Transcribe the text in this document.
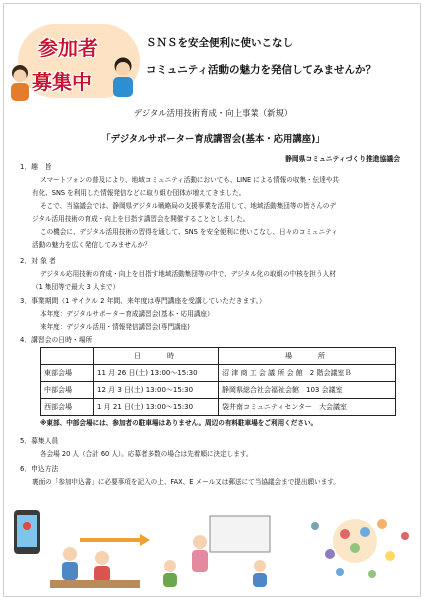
参加者
募集中
ＳＮＳを安全便利に使いこなし
コミュニティ活動の魅力を発信してみませんか？
デジタル活用技術育成・向上事業（新規）
「デジタルサポーター育成講習会(基本・応用講座)」
静岡県コミュニティづくり推進協議会
1．趣　旨
スマートフォンの普及により、地域コミュニティ活動においても、LINE による情報の収集・伝達や共
有化、SNS を利用した情報発信などに取り組む団体が増えてきました。
そこで、当協議会では、静岡県デジタル戦略局の支援事業を活用して、地域活動集団等の皆さんのデ
ジタル活用技術の育成・向上を目指す講習会を開催することとしました。
この機会に、デジタル活用技術の習得を通して、SNS を安全便利に使いこなし、日々のコミュニティ
活動の魅力を広く発信してみませんか？
2．対 象 者
デジタル応用技術の育成・向上を目指す地域活動集団等の中で、デジタル化の取組の中核を担う人材
（1 集団等で最大 3 人まで）
3．事業期間（1 サイクル 2 年間、来年度は専門講座を受講していただきます。）
本年度：デジタルサポーター育成講習会(基本・応用講座）
来年度：デジタル活用・情報発信講習会(専門講座)
4．講習会の日時・場所
	日　　時	場　　所
東部会場	11 月 26 日(土) 13:00～15:30	沼 津 商 工 会 議 所 会 館　2 階会議室Ｂ
中部会場	12 月 3 日(土) 13:00～15:30	静岡県総合社会福祉会館　103 会議室
西部会場	1 月 21 日(土) 13:00～15:30	袋井南コミュニティセンター　大会議室
※東部、中部会場には、参加者の駐車場はありません。周辺の有料駐車場をご利用ください。
5．募集人員
各会場 20 人（合計 60 人）。応募者多数の場合は先着順に決定します。
6．申込方法
裏面の「参加申込書」に必要事項を記入の上、FAX、E メール又は郵送にて当協議会まで提出願います。
